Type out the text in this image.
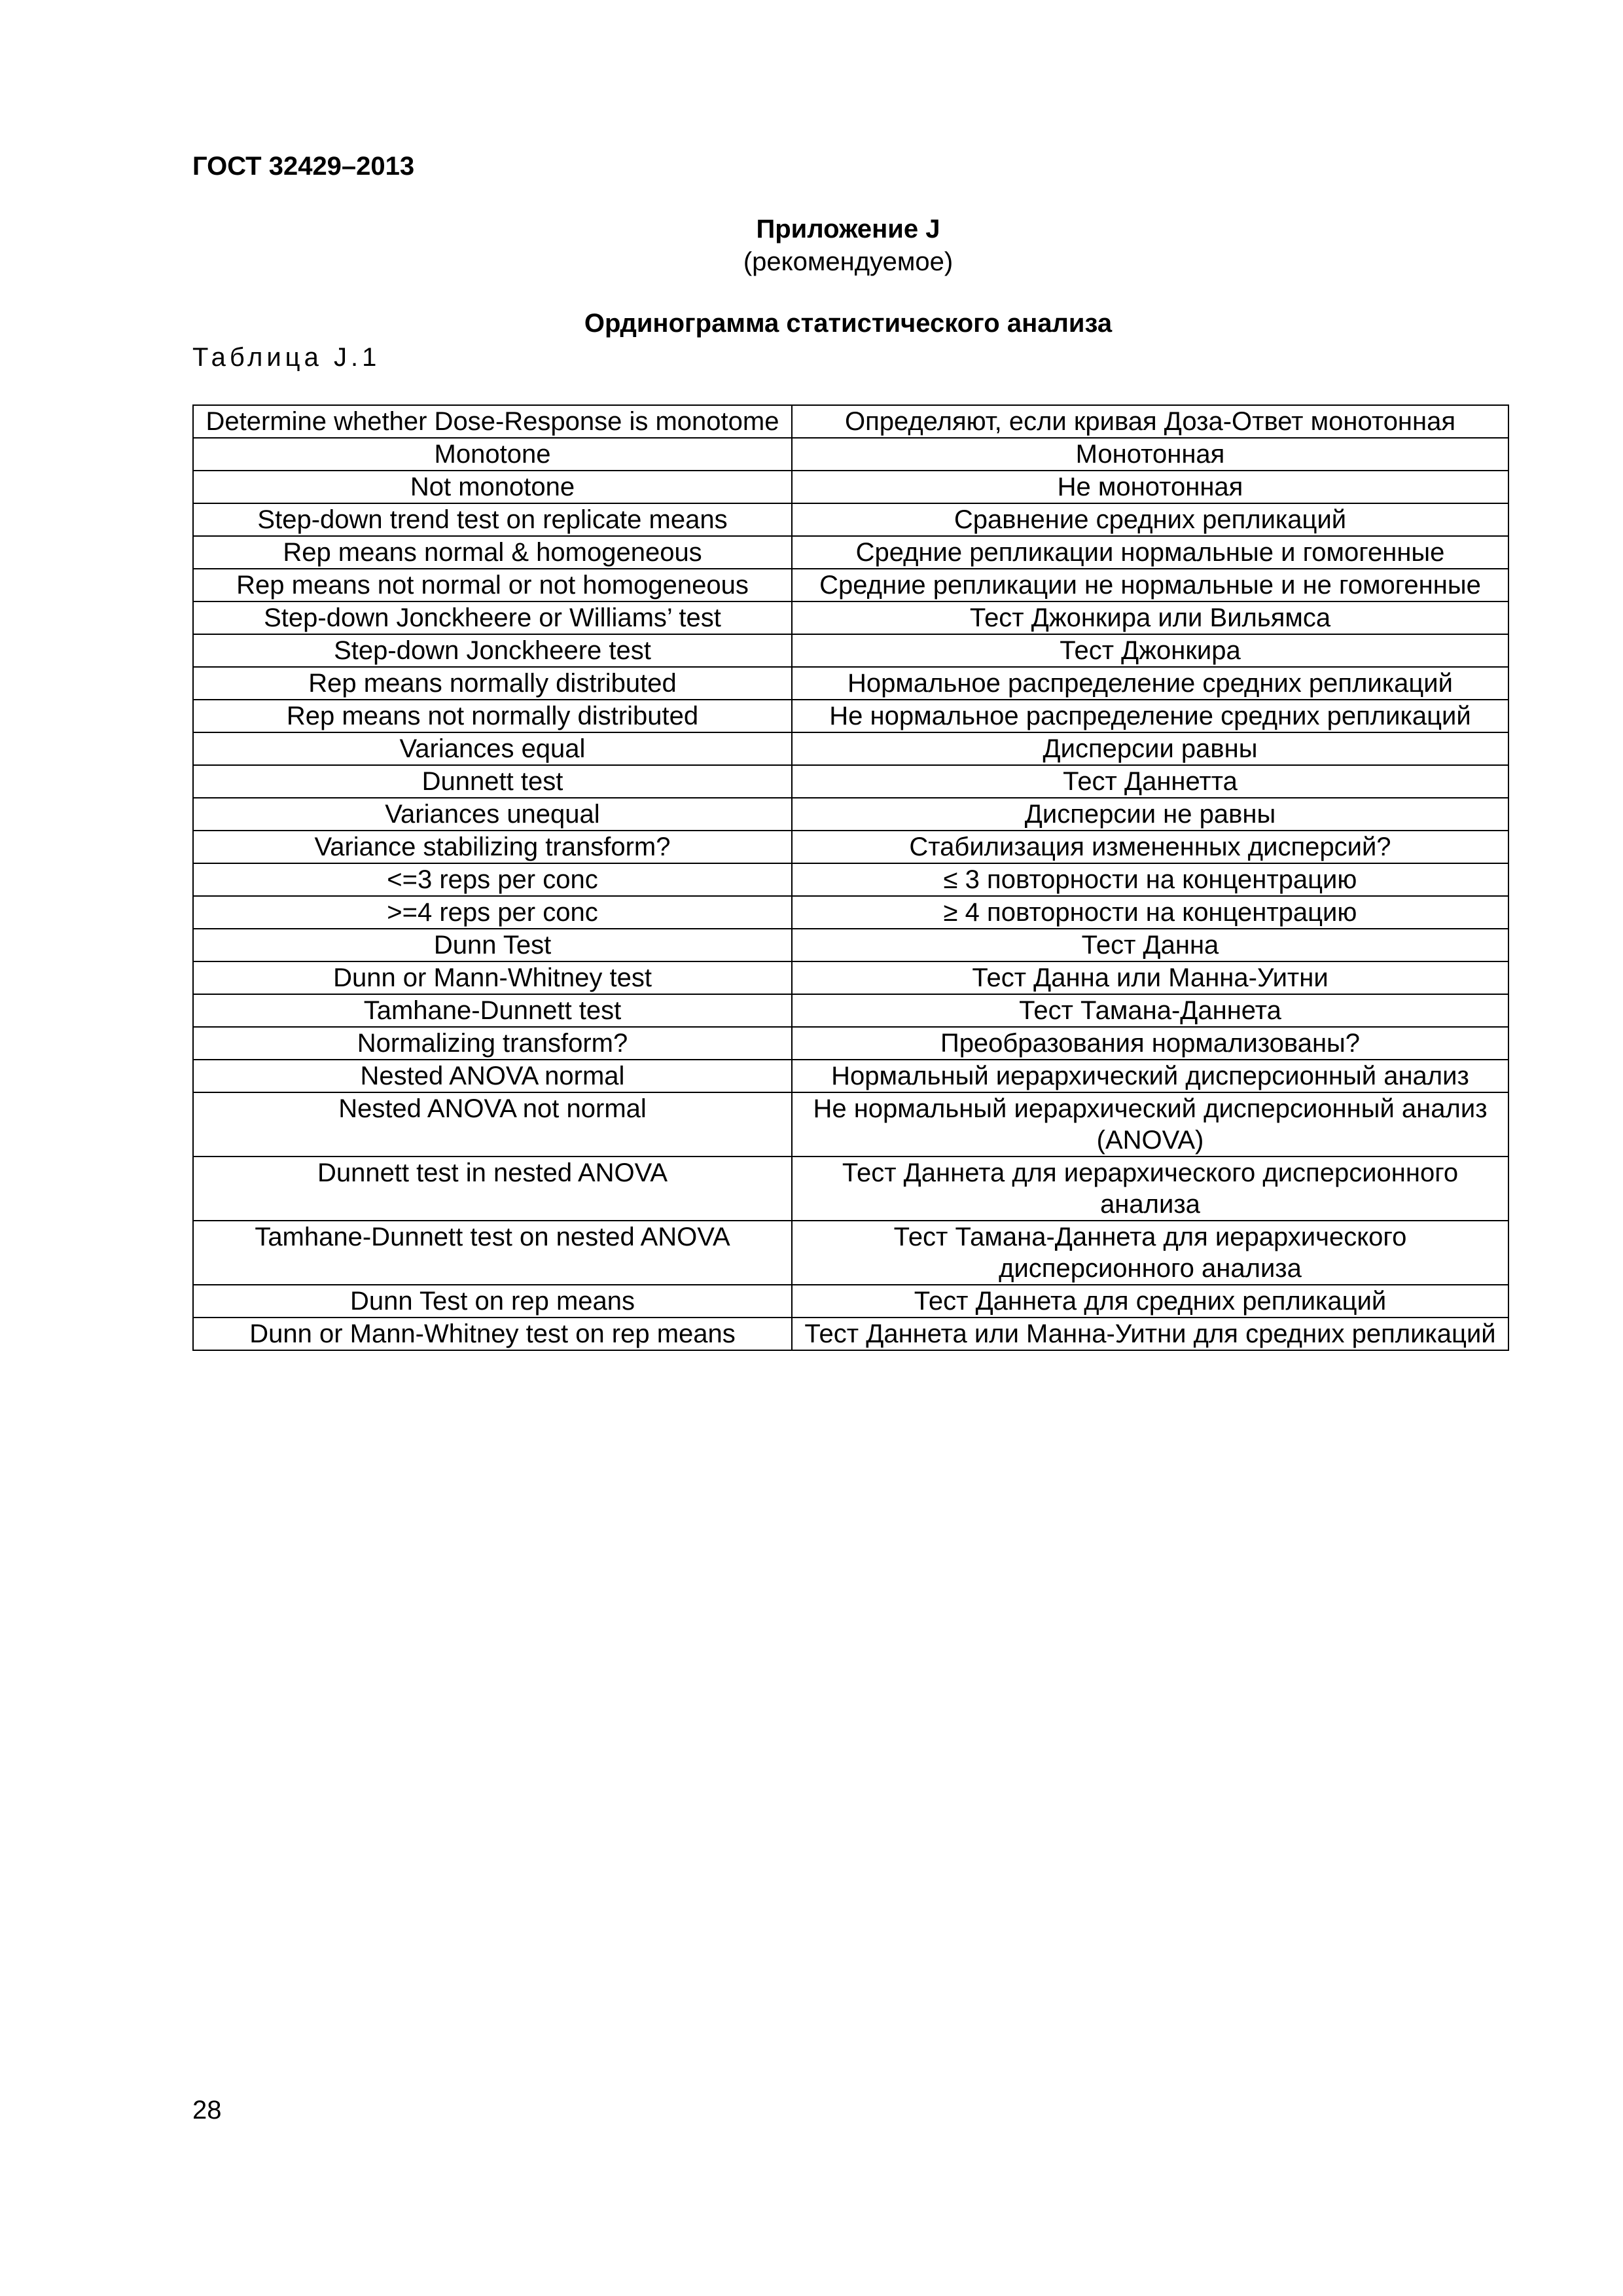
ГОСТ 32429–2013
Приложение J
(рекомендуемое)
Ординограмма статистического анализа
Таблица J.1
Determine whether Dose-Response is monotome	Определяют, если кривая Доза-Ответ монотонная
Monotone	Монотонная
Not monotone	Не монотонная
Step-down trend test on replicate means	Сравнение средних репликаций
Rep means normal & homogeneous	Средние репликации нормальные и гомогенные
Rep means not normal or not homogeneous	Средние репликации не нормальные и не гомогенные
Step-down Jonckheere or Williams’ test	Тест Джонкира или Вильямса
Step-down Jonckheere test	Тест Джонкира
Rep means normally distributed	Нормальное распределение средних репликаций
Rep means not normally distributed	Не нормальное распределение средних репликаций
Variances equal	Дисперсии равны
Dunnett test	Тест Даннетта
Variances unequal	Дисперсии не равны
Variance stabilizing transform?	Стабилизация измененных дисперсий?
<=3 reps per conc	≤ 3 повторности на концентрацию
>=4 reps per conc	≥ 4 повторности на концентрацию
Dunn Test	Тест Данна
Dunn or Mann-Whitney test	Тест Данна или Манна-Уитни
Tamhane-Dunnett test	Тест Тамана-Даннета
Normalizing transform?	Преобразования нормализованы?
Nested ANOVA normal	Нормальный иерархический дисперсионный анализ
Nested ANOVA not normal	Не нормальный иерархический дисперсионный анализ (ANOVA)
Dunnett test in nested ANOVA	Тест Даннета для иерархического дисперсионного анализа
Tamhane-Dunnett test on nested ANOVA	Тест Тамана-Даннета для иерархического дисперсионного анализа
Dunn Test on rep means	Тест Даннета для средних репликаций
Dunn or Mann-Whitney test on rep means	Тест Даннета или Манна-Уитни для средних репликаций
28
